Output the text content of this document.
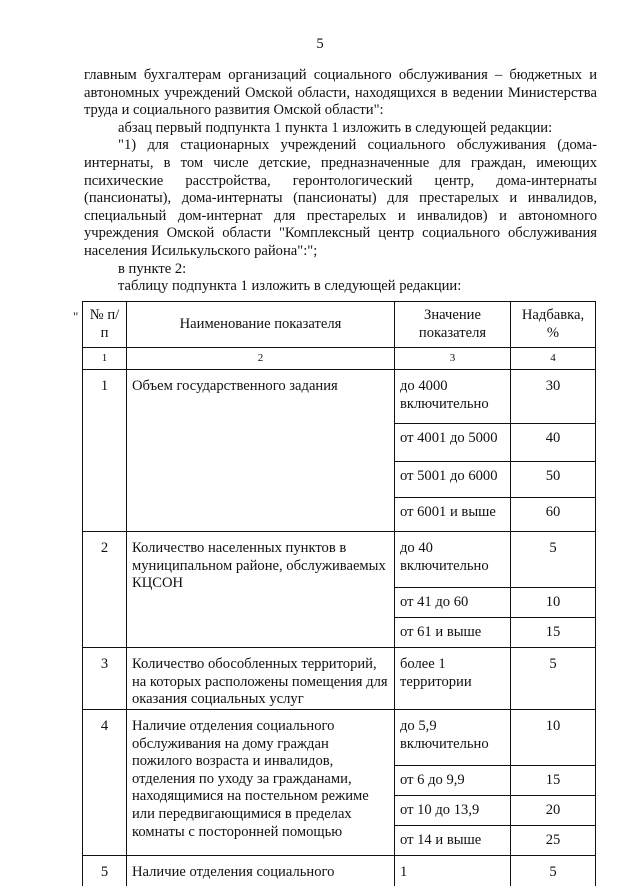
5

главным бухгалтерам организаций социального обслуживания – бюджетных и автономных учреждений Омской области, находящихся в ведении Министерства труда и социального развития Омской области":

абзац первый подпункта 1 пункта 1 изложить в следующей редакции:

"1) для стационарных учреждений социального обслуживания (дома-интернаты, в том числе детские, предназначенные для граждан, имеющих психические расстройства, геронтологический центр, дома-интернаты (пансионаты), дома-интернаты (пансионаты) для престарелых и инвалидов, специальный дом-интернат для престарелых и инвалидов) и автономного учреждения Омской области "Комплексный центр социального обслуживания населения Исилькульского района":";

в пункте 2:

таблицу подпункта 1 изложить в следующей редакции:

" № п/п	Наименование показателя	Значение показателя	Надбавка, %
1	2	3	4
1	Объем государственного задания	до 4000 включительно	30
		от 4001 до 5000	40
		от 5001 до 6000	50
		от 6001 и выше	60
2	Количество населенных пунктов в муниципальном районе, обслуживаемых КЦСОН	до 40 включительно	5
		от 41 до 60	10
		от 61 и выше	15
3	Количество обособленных территорий, на которых расположены помещения для оказания социальных услуг	более 1 территории	5
4	Наличие отделения социального обслуживания на дому граждан пожилого возраста и инвалидов, отделения по уходу за гражданами, находящимися на постельном режиме или передвигающимися в пределах комнаты с посторонней помощью	до 5,9 включительно	10
		от 6 до 9,9	15
		от 10 до 13,9	20
		от 14 и выше	25
5	Наличие отделения социального	1	5
